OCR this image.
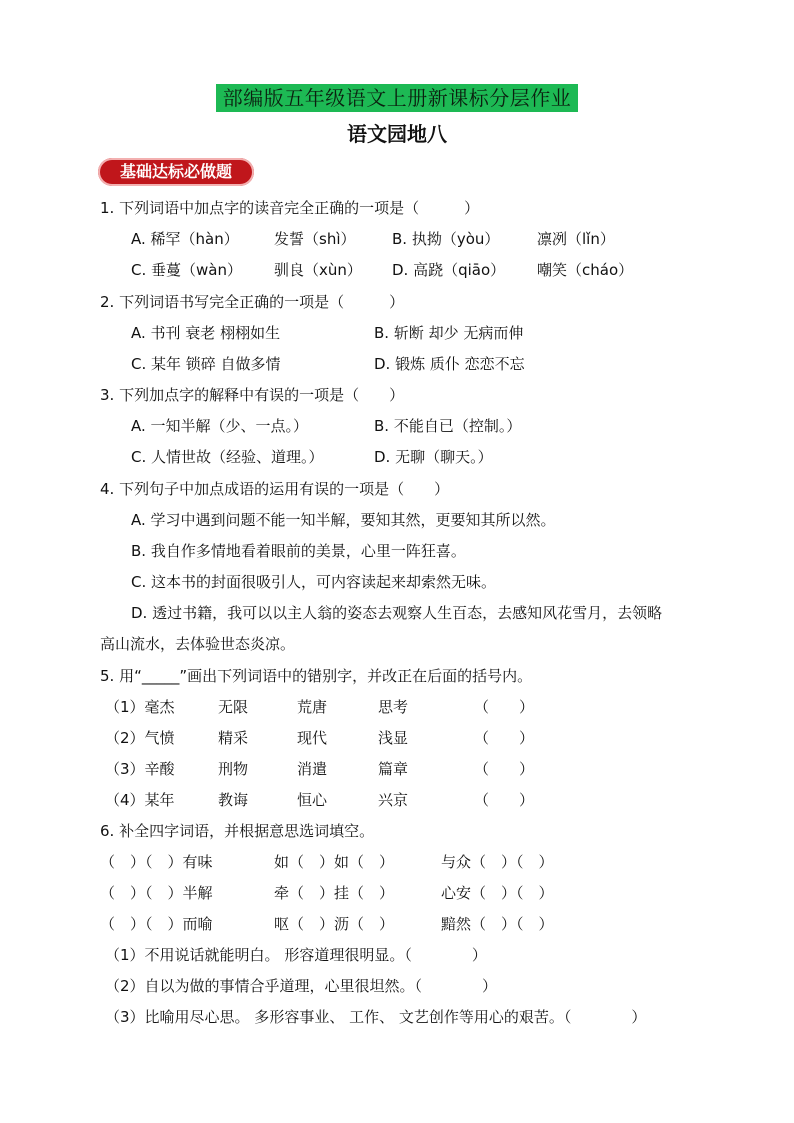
部编版五年级语文上册新课标分层作业
语文园地八
基础达标必做题
1. 下列词语中加点字的读音完全正确的一项是（　　　）
A. 稀罕（hàn） 发誓（shì） B. 执拗（yòu）	凛冽（lǐn）
C. 垂蔓（wàn） 驯良（xùn） D. 高跷（qiāo） 嘲笑（cháo）
2. 下列词语书写完全正确的一项是（　　　）
A. 书刊 衰老 栩栩如生	B. 斩断 却少 无病而伸
C. 某年 锁碎 自做多情	D. 锻炼 质仆 恋恋不忘
3. 下列加点字的解释中有误的一项是（　　）
A. 一知半解（少、一点。）	B. 不能自已（控制。）
C. 人情世故（经验、道理。）	D. 无聊（聊天。）
4. 下列句子中加点成语的运用有误的一项是（　　）
A. 学习中遇到问题不能一知半解，要知其然，更要知其所以然。
B. 我自作多情地看着眼前的美景，心里一阵狂喜。
C. 这本书的封面很吸引人，可内容读起来却索然无味。
D. 透过书籍，我可以以主人翁的姿态去观察人生百态，去感知风花雪月，去领略
高山流水，去体验世态炎凉。
5. 用“_____”画出下列词语中的错别字，并改正在后面的括号内。
（1）毫杰	无限	荒唐	思考	（　　）
（2）气愤	精采	现代	浅显	（　　）
（3）辛酸	刑物	消遣	篇章	（　　）
（4）某年	教诲	恒心	兴京	（　　）
6. 补全四字词语，并根据意思选词填空。
（　）（　）有味	如（　）如（　）	与众（　）（　）
（　）（　）半解	牵（　）挂（　）	心安（　）（　）
（　）（　）而喻	呕（　）沥（　）	黯然（　）（　）
（1）不用说话就能明白。 形容道理很明显。（　　　　）
（2）自以为做的事情合乎道理，心里很坦然。（　　　　）
（3）比喻用尽心思。 多形容事业、 工作、 文艺创作等用心的艰苦。（　　　　）
